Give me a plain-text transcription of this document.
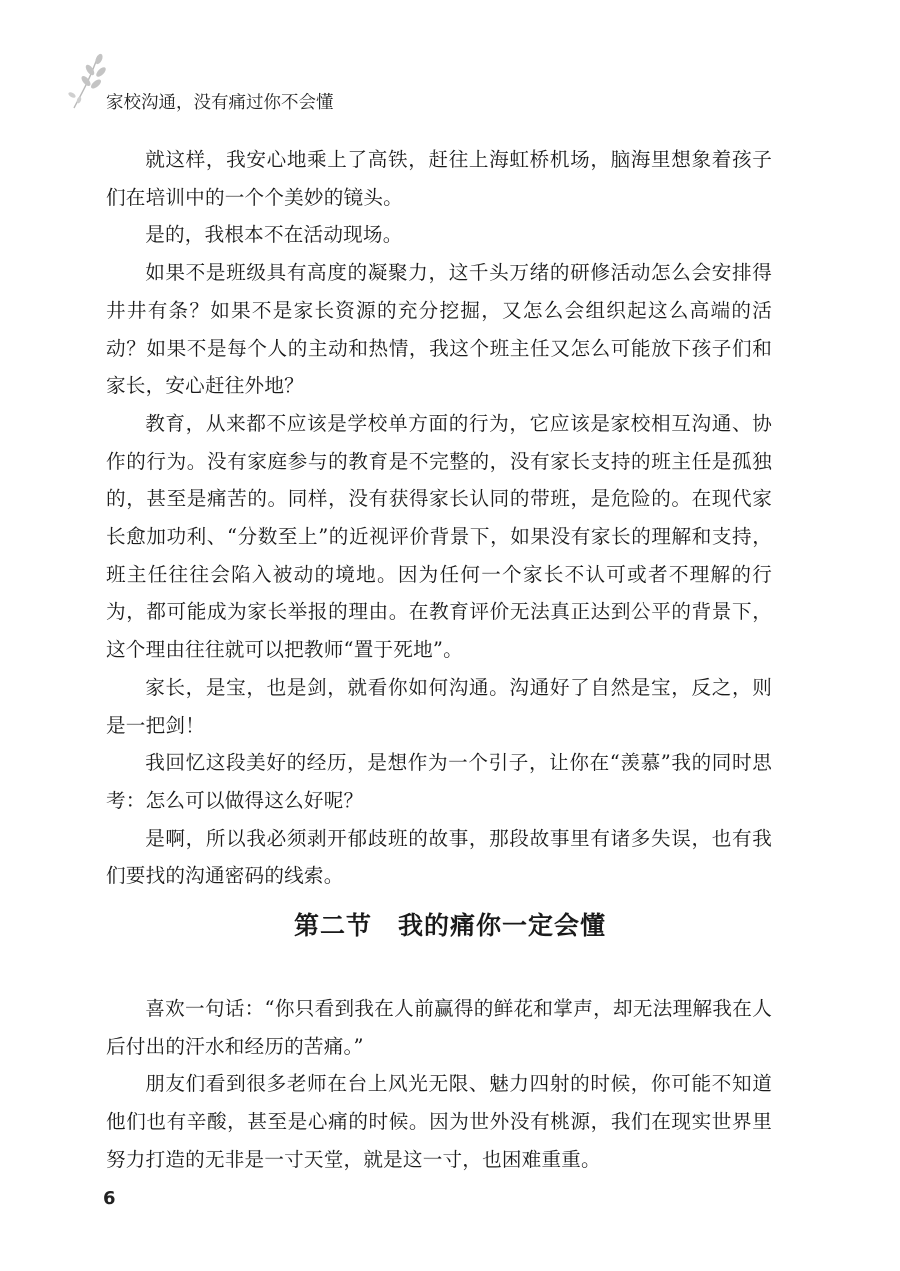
家校沟通，没有痛过你不会懂

就这样，我安心地乘上了高铁，赶往上海虹桥机场，脑海里想象着孩子们在培训中的一个个美妙的镜头。

是的，我根本不在活动现场。

如果不是班级具有高度的凝聚力，这千头万绪的研修活动怎么会安排得井井有条？如果不是家长资源的充分挖掘，又怎么会组织起这么高端的活动？如果不是每个人的主动和热情，我这个班主任又怎么可能放下孩子们和家长，安心赶往外地？

教育，从来都不应该是学校单方面的行为，它应该是家校相互沟通、协作的行为。没有家庭参与的教育是不完整的，没有家长支持的班主任是孤独的，甚至是痛苦的。同样，没有获得家长认同的带班，是危险的。在现代家长愈加功利、“分数至上”的近视评价背景下，如果没有家长的理解和支持，班主任往往会陷入被动的境地。因为任何一个家长不认可或者不理解的行为，都可能成为家长举报的理由。在教育评价无法真正达到公平的背景下，这个理由往往就可以把教师“置于死地”。

家长，是宝，也是剑，就看你如何沟通。沟通好了自然是宝，反之，则是一把剑！

我回忆这段美好的经历，是想作为一个引子，让你在“羡慕”我的同时思考：怎么可以做得这么好呢？

是啊，所以我必须剥开郁歧班的故事，那段故事里有诸多失误，也有我们要找的沟通密码的线索。

第二节 我的痛你一定会懂

喜欢一句话：“你只看到我在人前赢得的鲜花和掌声，却无法理解我在人后付出的汗水和经历的苦痛。”

朋友们看到很多老师在台上风光无限、魅力四射的时候，你可能不知道他们也有辛酸，甚至是心痛的时候。因为世外没有桃源，我们在现实世界里努力打造的无非是一寸天堂，就是这一寸，也困难重重。

6
